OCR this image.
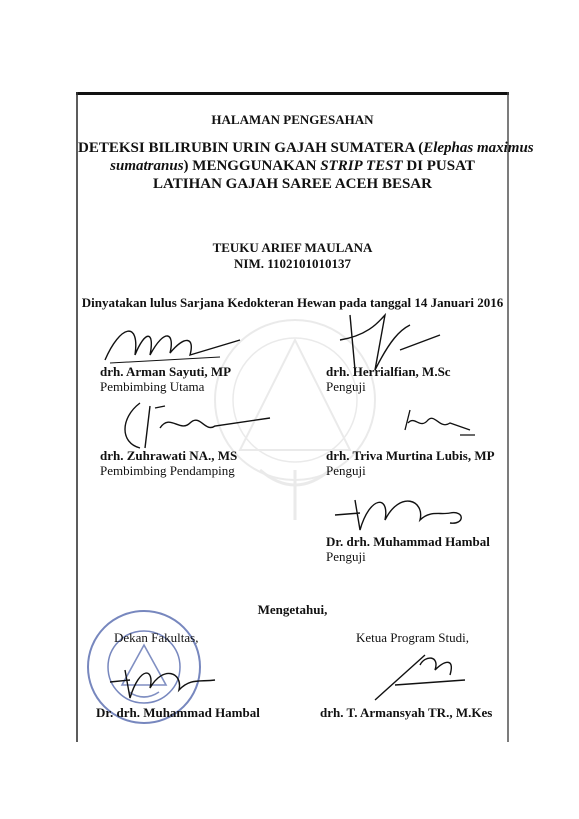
HALAMAN PENGESAHAN
DETEKSI BILIRUBIN URIN GAJAH SUMATERA (Elephas maximus
sumatranus) MENGGUNAKAN STRIP TEST DI PUSAT
LATIHAN GAJAH SAREE ACEH BESAR
TEUKU ARIEF MAULANA
NIM. 1102101010137
Dinyatakan lulus Sarjana Kedokteran Hewan pada tanggal 14 Januari 2016
drh. Arman Sayuti, MP
Pembimbing Utama
drh. Herrialfian, M.Sc
Penguji
drh. Zuhrawati NA., MS
Pembimbing Pendamping
drh. Triva Murtina Lubis, MP
Penguji
Dr. drh. Muhammad Hambal
Penguji
Mengetahui,
Dekan Fakultas,	Ketua Program Studi,
Dr. drh. Muhammad Hambal	drh. T. Armansyah TR., M.Kes
